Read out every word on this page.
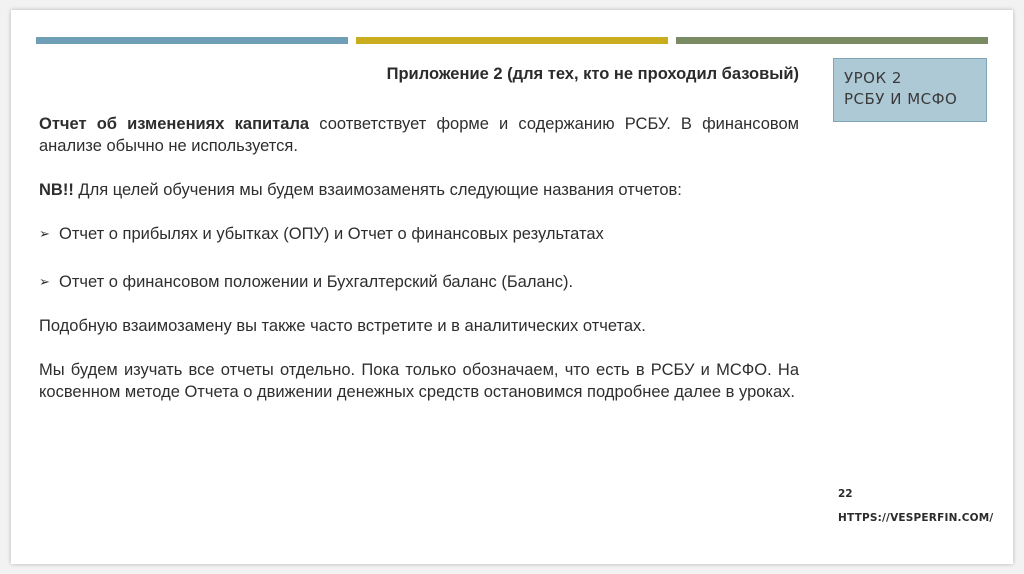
УРОК 2
РСБУ И МСФО
Приложение 2 (для тех, кто не проходил базовый)

Отчет об изменениях капитала соответствует форме и содержанию РСБУ. В финансовом анализе обычно не используется.

NB!! Для целей обучения мы будем взаимозаменять следующие названия отчетов:

➢ Отчет о прибылях и убытках (ОПУ) и Отчет о финансовых результатах
➢ Отчет о финансовом положении и Бухгалтерский баланс (Баланс).

Подобную взаимозамену вы также часто встретите и в аналитических отчетах.

Мы будем изучать все отчеты отдельно. Пока только обозначаем, что есть в РСБУ и МСФО. На косвенном методе Отчета о движении денежных средств остановимся подробнее далее в уроках.

22
HTTPS://VESPERFIN.COM/
